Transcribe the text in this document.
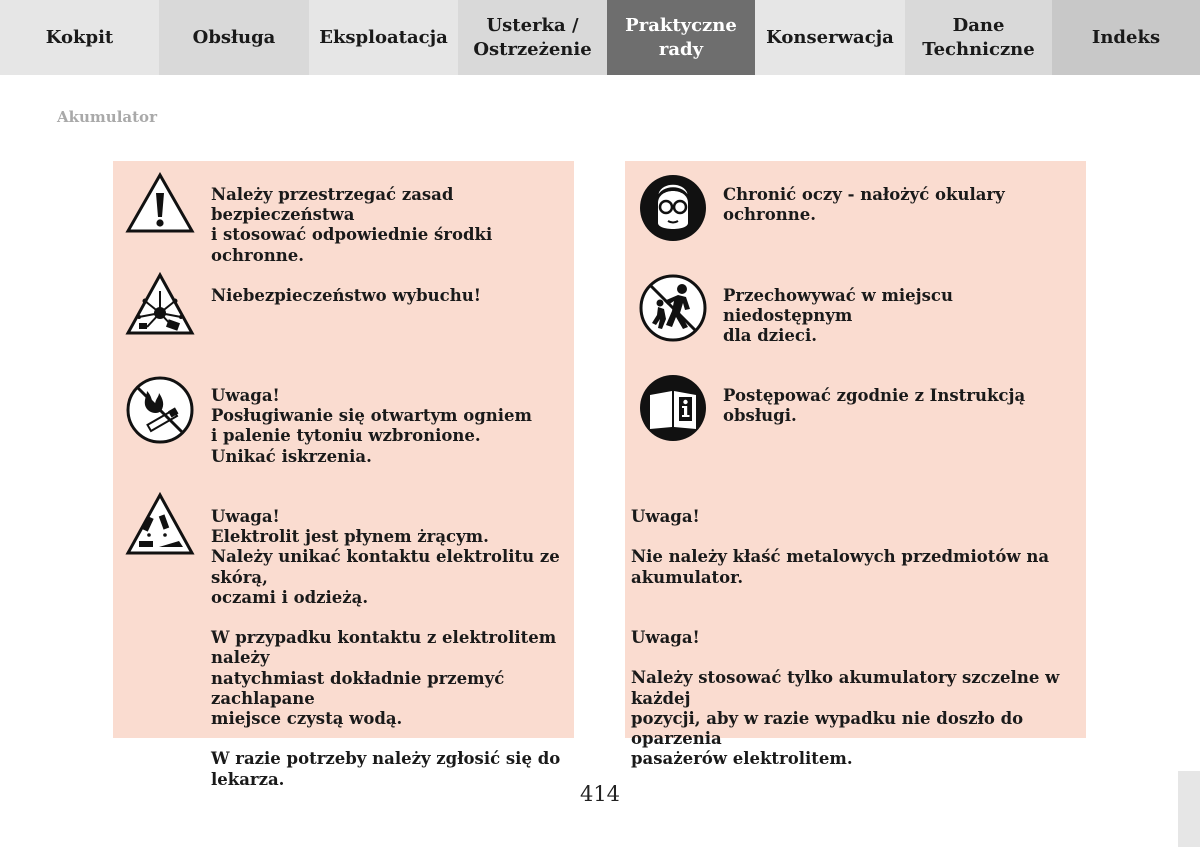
Kokpit	Obsługa	Eksploatacja
Usterka /
Ostrzeżenie
Praktyczne
rady
Konserwacja
Dane
Techniczne
Indeks
Akumulator
Należy przestrzegać zasad bezpieczeństwa
i stosować odpowiednie środki ochronne.
Niebezpieczeństwo wybuchu!
Uwaga!
Posługiwanie się otwartym ogniem
i palenie tytoniu wzbronione.
Unikać iskrzenia.
Uwaga!
Elektrolit jest płynem żrącym.
Należy unikać kontaktu elektrolitu ze skórą,
oczami i odzieżą.

W przypadku kontaktu z elektrolitem należy
natychmiast dokładnie przemyć zachlapane
miejsce czystą wodą.

W razie potrzeby należy zgłosić się do
lekarza.
Chronić oczy - nałożyć okulary ochronne.
Przechowywać w miejscu niedostępnym
dla dzieci.
Postępować zgodnie z Instrukcją obsługi.
Uwaga!

Nie należy kłaść metalowych przedmiotów na
akumulator.
Uwaga!

Należy stosować tylko akumulatory szczelne w każdej
pozycji, aby w razie wypadku nie doszło do oparzenia
pasażerów elektrolitem.
414
